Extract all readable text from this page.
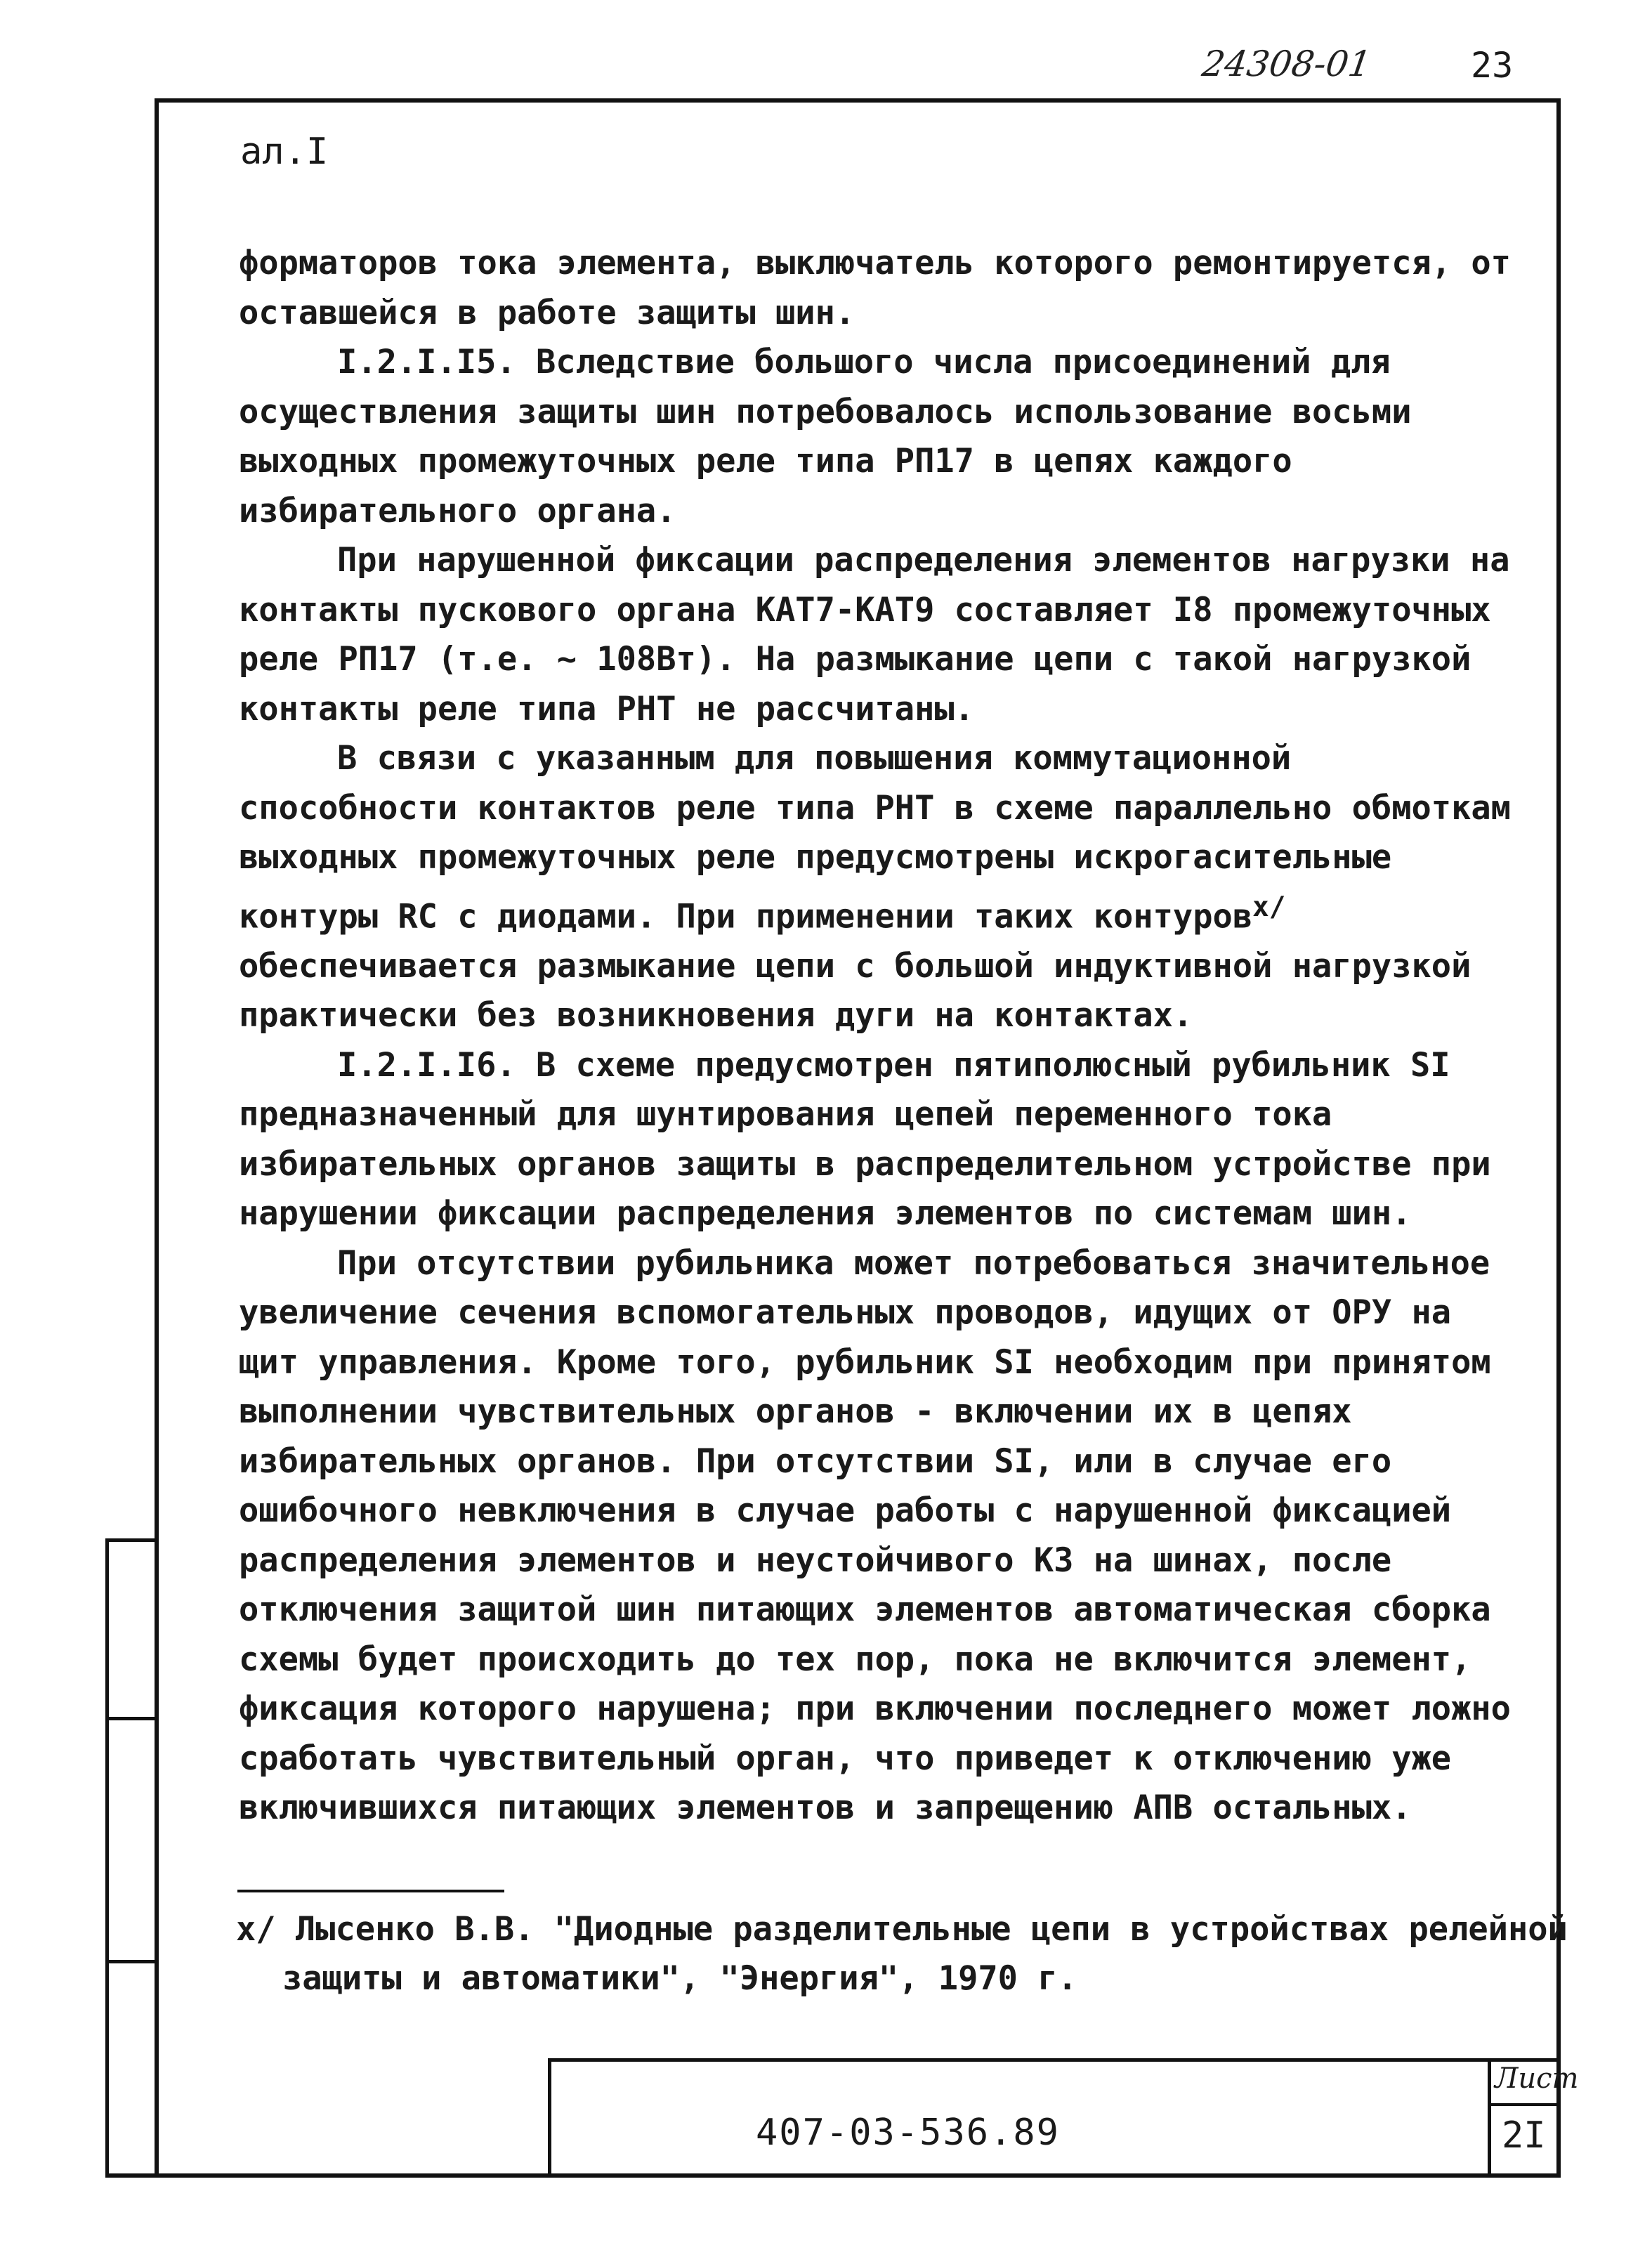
24308-01	23
ал.I

форматоров тока элемента, выключатель которого ремонтируется, от оставшейся в работе защиты шин.

I.2.I.I5. Вследствие большого числа присоединений для осуществления защиты шин потребовалось использование восьми выходных промежуточных реле типа РП17 в цепях каждого избирательного органа.

При нарушенной фиксации распределения элементов нагрузки на контакты пускового органа КАТ7-КАТ9 составляет I8 промежуточных реле РП17 (т.е. ~ 108Вт). На размыкание цепи с такой нагрузкой контакты реле типа РНТ не рассчитаны.

В связи с указанным для повышения коммутационной способности контактов реле типа РНТ в схеме параллельно обмоткам выходных промежуточных реле предусмотрены искрогасительные контуры RC с диодами. При применении таких контуров$^{х/}$ обеспечивается размыкание цепи с большой индуктивной нагрузкой практически без возникновения дуги на контактах.

I.2.I.I6. В схеме предусмотрен пятиполюсный рубильник SI предназначенный для шунтирования цепей переменного тока избирательных органов защиты в распределительном устройстве при нарушении фиксации распределения элементов по системам шин.

При отсутствии рубильника может потребоваться значительное увеличение сечения вспомогательных проводов, идущих от ОРУ на щит управления. Кроме того, рубильник SI необходим при принятом выполнении чувствительных органов - включении их в цепях избирательных органов. При отсутствии SI, или в случае его ошибочного невключения в случае работы с нарушенной фиксацией распределения элементов и неустойчивого КЗ на шинах, после отключения защитой шин питающих элементов автоматическая сборка схемы будет происходить до тех пор, пока не включится элемент, фиксация которого нарушена; при включении последнего может ложно сработать чувствительный орган, что приведет к отключению уже включившихся питающих элементов и запрещению АПВ остальных.

х/ Лысенко В.В. "Диодные разделительные цепи в устройствах релейной защиты и автоматики", "Энергия", 1970 г.
407-03-536.89
Лист
2I
